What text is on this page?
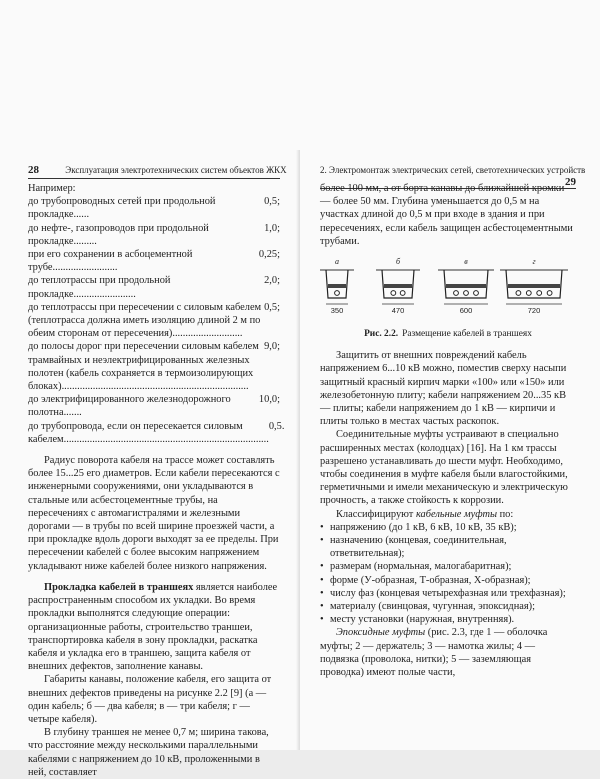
28	Эксплуатация электротехнических систем объектов ЖКХ

Например:

до трубопроводных сетей при продольной прокладке......
0,5;
до нефте-, газопроводов при продольной прокладке.........
1,0;
при его сохранении в асбоцементной трубе.........................
0,25;
до теплотрассы при продольной прокладке........................
2,0;
до теплотрассы при пересечении с силовым кабелем (теплотрасса должна иметь изоляцию длиной 2 м по обеим сторонам от пересечения)...........................
0,5;
до полосы дорог при пересечении силовым кабелем трамвайных и неэлектрифицированных железных полотен (кабель сохраняется в термоизолирующих блоках)........................................................................
9,0;
до электрифицированного железнодорожного полотна.......
10,0;
до трубопровода, если он пересекается силовым кабелем...............................................................................
0,5.

Радиус поворота кабеля на трассе может составлять более 15...25 его диаметров. Если кабели пересекаются с инженерными сооружениями, они укладываются в стальные или асбестоцементные трубы, на пересечениях с автомагистралями и железными дорогами — в трубы по всей ширине проезжей части, а при прокладке вдоль дороги выходят за ее пределы. При пересечении кабелей с более высоким напряжением укладывают ниже кабелей более низкого напряжения.

Прокладка кабелей в траншеях является наиболее распространенным способом их укладки. Во время прокладки выполнятся следующие операции: организационные работы, строительство траншеи, транспортировка кабеля в зону прокладки, раскатка кабеля и укладка его в траншею, защита кабеля от внешних дефектов, заполнение канавы.

Габариты канавы, положение кабеля, его защита от внешних дефектов приведены на рисунке 2.2 [9] (а — один кабель; б — два кабеля; в — три кабеля; г — четыре кабеля).

В глубину траншея не менее 0,7 м; ширина такова, что расстояние между несколькими параллельными кабелями с напряжением до 10 кВ, проложенными в ней, составляет

2. Электромонтаж электрических сетей, светотехнических устройств
29

более 100 мм, а от борта канавы до ближайшей кромки — более 50 мм. Глубина уменьшается до 0,5 м на участках длиной до 0,5 м при входе в здания и при пересечениях, если кабель защищен асбестоцементными трубами.

а
350
б
470
в
600
г
720
Рис. 2.2. Размещение кабелей в траншеях

Защитить от внешних повреждений кабель напряжением 6...10 кВ можно, поместив сверху насыпи защитный красный кирпич марки «100» или «150» или железобетонную плиту; кабели напряжением 20...35 кВ — плиты; кабели напряжением до 1 кВ — кирпичи и плиты только в местах частых раскопок.

Соединительные муфты устраивают в специально расширенных местах (колодцах) [16]. На 1 км трассы разрешено устанавливать до шести муфт. Необходимо, чтобы соединения в муфте кабеля были влагостойкими, герметичными и имели механическую и электрическую прочность, а также стойкость к коррозии.

Классифицируют кабельные муфты по:

• напряжению (до 1 кВ, 6 кВ, 10 кВ, 35 кВ);

• назначению (концевая, соединительная, ответвительная);

• размерам (нормальная, малогабаритная);

• форме (У-образная, Т-образная, Х-образная);

• числу фаз (концевая четырехфазная или трехфазная);

• материалу (свинцовая, чугунная, эпоксидная);

• месту установки (наружная, внутренняя).

Эпоксидные муфты (рис. 2.3, где 1 — оболочка муфты; 2 — держатель; 3 — намотка жилы; 4 — подвязка (проволока, нитки); 5 — заземляющая проводка) имеют полые части,
